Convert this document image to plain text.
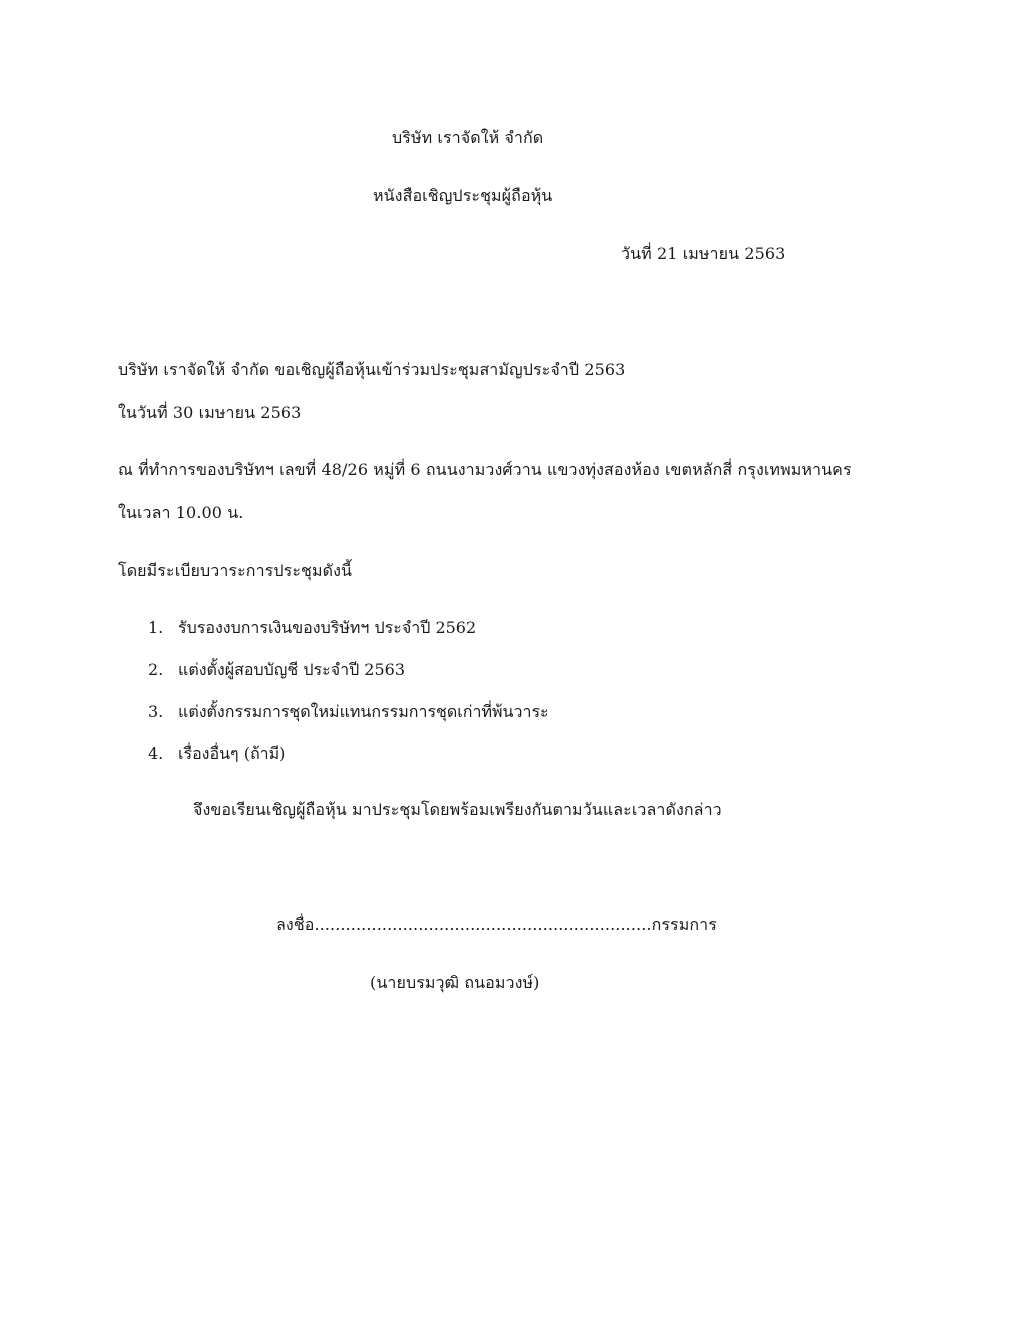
บริษัท เราจัดให้ จำกัด
หนังสือเชิญประชุมผู้ถือหุ้น
วันที่ 21 เมษายน 2563
บริษัท เราจัดให้ จำกัด ขอเชิญผู้ถือหุ้นเข้าร่วมประชุมสามัญประจำปี 2563
ในวันที่ 30 เมษายน 2563
ณ ที่ทำการของบริษัทฯ เลขที่ 48/26 หมู่ที่ 6 ถนนงามวงศ์วาน แขวงทุ่งสองห้อง เขตหลักสี่ กรุงเทพมหานคร
ในเวลา 10.00 น.
โดยมีระเบียบวาระการประชุมดังนี้
1. รับรองงบการเงินของบริษัทฯ ประจำปี 2562
2. แต่งตั้งผู้สอบบัญชี ประจำปี 2563
3. แต่งตั้งกรรมการชุดใหม่แทนกรรมการชุดเก่าที่พ้นวาระ
4. เรื่องอื่นๆ (ถ้ามี)
จึงขอเรียนเชิญผู้ถือหุ้น มาประชุมโดยพร้อมเพรียงกันตามวันและเวลาดังกล่าว
ลงชื่อ.................................................................กรรมการ
(นายบรมวุฒิ ถนอมวงษ์)
